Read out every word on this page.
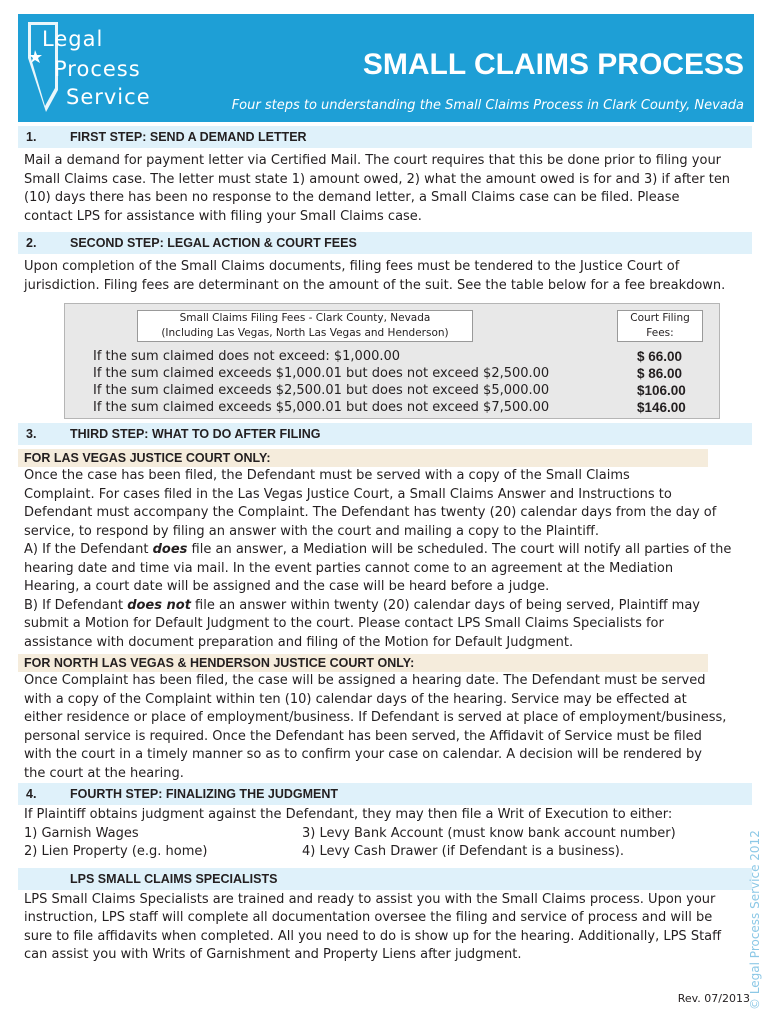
Legal
Process
Service
SMALL CLAIMS PROCESS
Four steps to understanding the Small Claims Process in Clark County, Nevada
1.	FIRST STEP: SEND A DEMAND LETTER
Mail a demand for payment letter via Certified Mail. The court requires that this be done prior to filing your
Small Claims case. The letter must state 1) amount owed, 2) what the amount owed is for and 3) if after ten
(10) days there has been no response to the demand letter, a Small Claims case can be filed. Please
contact LPS for assistance with filing your Small Claims case.
2.	SECOND STEP: LEGAL ACTION & COURT FEES
Upon completion of the Small Claims documents, filing fees must be tendered to the Justice Court of
jurisdiction. Filing fees are determinant on the amount of the suit. See the table below for a fee breakdown.
Small Claims Filing Fees - Clark County, Nevada
(Including Las Vegas, North Las Vegas and Henderson)
Court Filing
Fees:
If the sum claimed does not exceed: $1,000.00	$ 66.00
If the sum claimed exceeds $1,000.01 but does not exceed $2,500.00	$ 86.00
If the sum claimed exceeds $2,500.01 but does not exceed $5,000.00	$106.00
If the sum claimed exceeds $5,000.01 but does not exceed $7,500.00	$146.00
3.	THIRD STEP: WHAT TO DO AFTER FILING
FOR LAS VEGAS JUSTICE COURT ONLY:
Once the case has been filed, the Defendant must be served with a copy of the Small Claims
Complaint. For cases filed in the Las Vegas Justice Court, a Small Claims Answer and Instructions to
Defendant must accompany the Complaint. The Defendant has twenty (20) calendar days from the day of
service, to respond by filing an answer with the court and mailing a copy to the Plaintiff.
A) If the Defendant does file an answer, a Mediation will be scheduled. The court will notify all parties of the
hearing date and time via mail. In the event parties cannot come to an agreement at the Mediation
Hearing, a court date will be assigned and the case will be heard before a judge.
B) If Defendant does not file an answer within twenty (20) calendar days of being served, Plaintiff may
submit a Motion for Default Judgment to the court. Please contact LPS Small Claims Specialists for
assistance with document preparation and filing of the Motion for Default Judgment.
FOR NORTH LAS VEGAS & HENDERSON JUSTICE COURT ONLY:
Once Complaint has been filed, the case will be assigned a hearing date. The Defendant must be served
with a copy of the Complaint within ten (10) calendar days of the hearing. Service may be effected at
either residence or place of employment/business. If Defendant is served at place of employment/business,
personal service is required. Once the Defendant has been served, the Affidavit of Service must be filed
with the court in a timely manner so as to confirm your case on calendar. A decision will be rendered by
the court at the hearing.
4.	FOURTH STEP: FINALIZING THE JUDGMENT
If Plaintiff obtains judgment against the Defendant, they may then file a Writ of Execution to either:
1) Garnish Wages	3) Levy Bank Account (must know bank account number)
2) Lien Property (e.g. home)	4) Levy Cash Drawer (if Defendant is a business).
LPS SMALL CLAIMS SPECIALISTS
LPS Small Claims Specialists are trained and ready to assist you with the Small Claims process. Upon your
instruction, LPS staff will complete all documentation oversee the filing and service of process and will be
sure to file affidavits when completed. All you need to do is show up for the hearing. Additionally, LPS Staff
can assist you with Writs of Garnishment and Property Liens after judgment.	© Legal Process Service 2012
Rev. 07/2013
